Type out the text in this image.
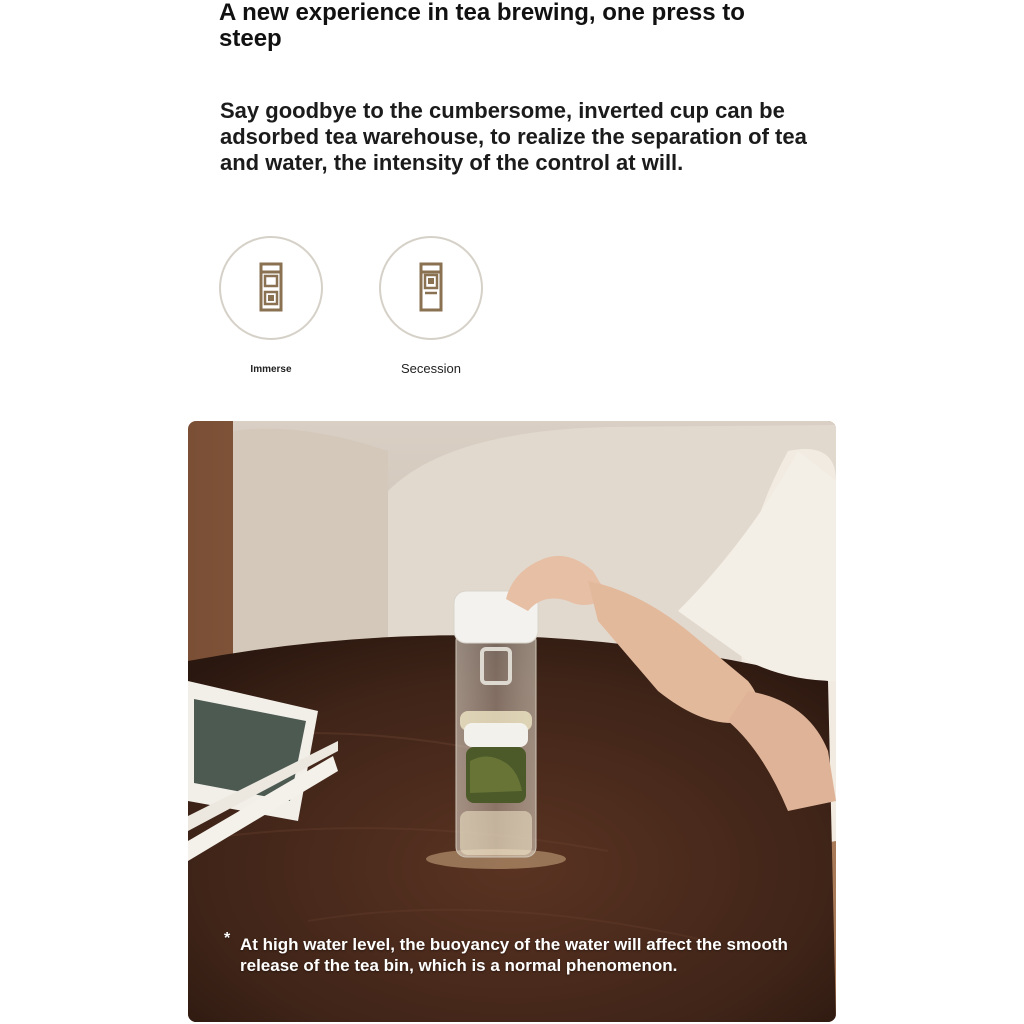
A new experience in tea brewing, one press to steep

Say goodbye to the cumbersome, inverted cup can be adsorbed tea warehouse, to realize the separation of tea and water, the intensity of the control at will.

Immerse	Secession
* At high water level, the buoyancy of the water will affect the smooth release of the tea bin, which is a normal phenomenon.
